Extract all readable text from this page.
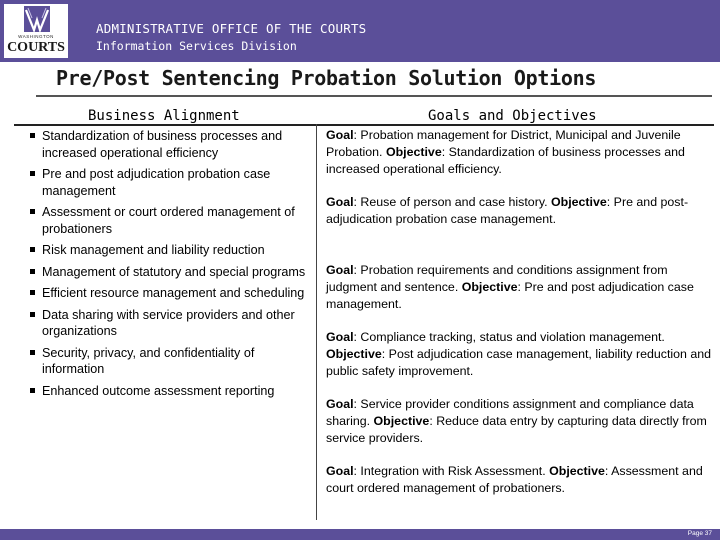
WASHINGTON
COURTS
ADMINISTRATIVE OFFICE OF THE COURTS
Information Services Division
Pre/Post Sentencing Probation Solution Options
Business Alignment	Goals and Objectives
Standardization of business processes and increased operational efficiency
Pre and post adjudication probation case management
Assessment or court ordered management of probationers
Risk management and liability reduction
Management of statutory and special programs
Efficient resource management and scheduling
Data sharing with service providers and other organizations
Security, privacy, and confidentiality of information
Enhanced outcome assessment reporting
Goal: Probation management for District, Municipal and Juvenile Probation. Objective: Standardization of business processes and increased operational efficiency.
Goal: Reuse of person and case history. Objective: Pre and post-adjudication probation case management.
Goal: Probation requirements and conditions assignment from judgment and sentence. Objective: Pre and post adjudication case management.
Goal: Compliance tracking, status and violation management. Objective: Post adjudication case management, liability reduction and public safety improvement.
Goal: Service provider conditions assignment and compliance data sharing. Objective: Reduce data entry by capturing data directly from service providers.
Goal: Integration with Risk Assessment. Objective: Assessment and court ordered management of probationers.
Page 37
